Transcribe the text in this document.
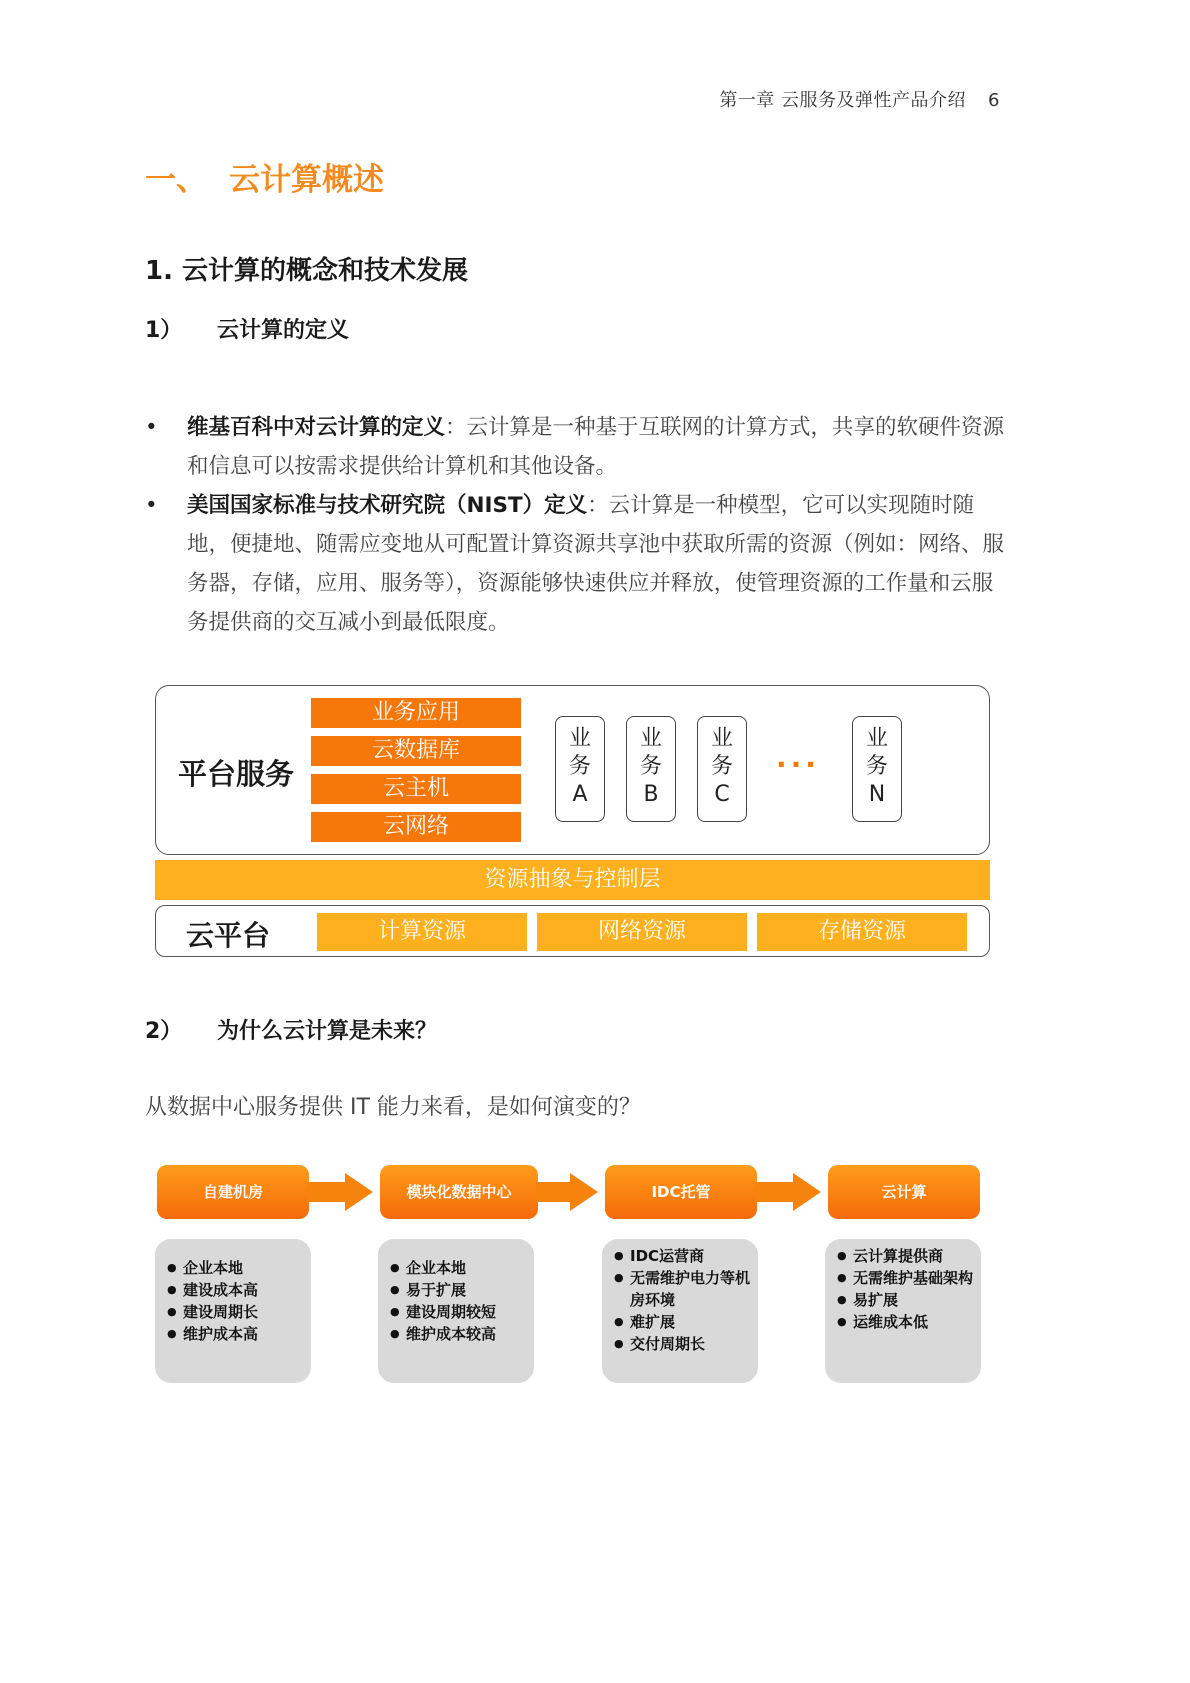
第一章 云服务及弹性产品介绍 6
一、 云计算概述
1. 云计算的概念和技术发展
1） 云计算的定义
• 维基百科中对云计算的定义：云计算是一种基于互联网的计算方式，共享的软硬件资源和信息可以按需求提供给计算机和其他设备。
• 美国国家标准与技术研究院（NIST）定义：云计算是一种模型，它可以实现随时随地，便捷地、随需应变地从可配置计算资源共享池中获取所需的资源（例如：网络、服务器，存储，应用、服务等），资源能够快速供应并释放，使管理资源的工作量和云服务提供商的交互减小到最低限度。
平台服务
业务应用
云数据库
云主机
云网络
业
务
A
业
务
B
业
务
C
···
业
务
N
资源抽象与控制层
云平台	计算资源	网络资源	存储资源
2） 为什么云计算是未来？
从数据中心服务提供 IT 能力来看，是如何演变的？
自建机房	模块化数据中心	IDC托管	云计算
● 企业本地
● 建设成本高
● 建设周期长
● 维护成本高
● 企业本地
● 易于扩展
● 建设周期较短
● 维护成本较高
● IDC运营商
● 无需维护电力等机房环境
● 难扩展
● 交付周期长
● 云计算提供商
● 无需维护基础架构
● 易扩展
● 运维成本低
